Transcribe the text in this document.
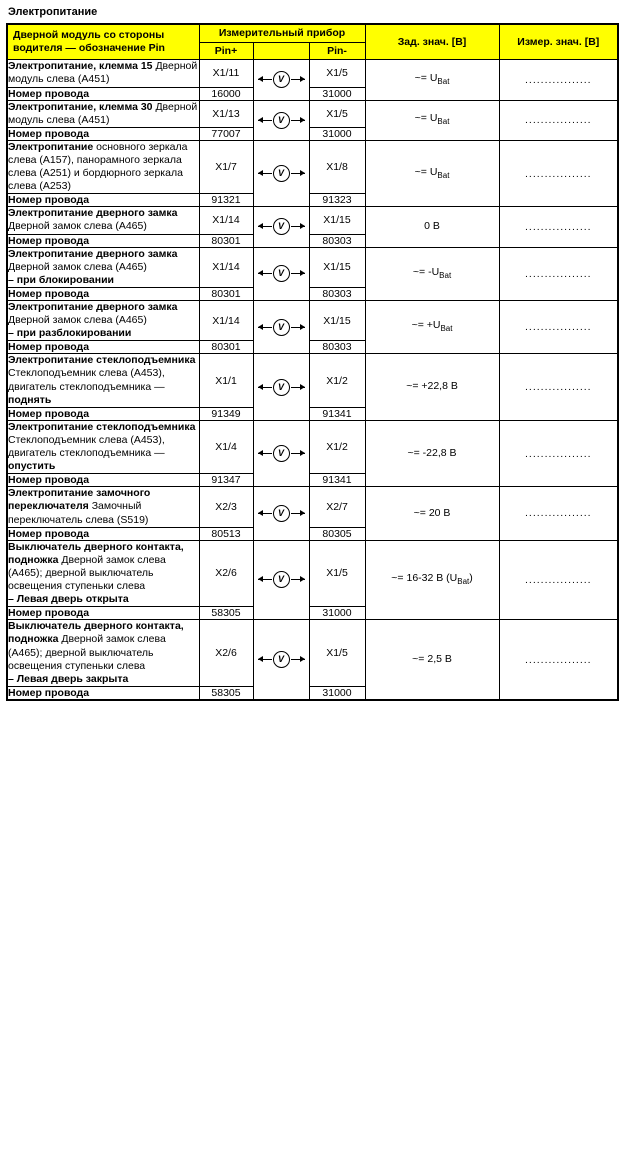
Электропитание
Дверной модуль со стороны водителя — обозначение Pin	Измерительный прибор			Зад. знач. [В]	Измер. знач. [В]
	Pin+		Pin-		
Электропитание, клемма 15 Дверной модуль слева (А451)	X1/11	V	X1/5	~= $U_{Bat}$	.................
Номер провода	16000		31000		
Электропитание, клемма 30 Дверной модуль слева (А451)	X1/13	V	X1/5	~= $U_{Bat}$	.................
Номер провода	77007		31000		
Электропитание основного зеркала слева (А157), панорамного зеркала слева (А251) и бордюрного зеркала слева (А253)	X1/7	V	X1/8	~= $U_{Bat}$	.................
Номер провода	91321		91323		
Электропитание дверного замка Дверной замок слева (А465)	X1/14	V	X1/15	0 В	.................
Номер провода	80301		80303		
Электропитание дверного замка Дверной замок слева (А465)
– при блокировании	X1/14	V	X1/15	~= $-U_{Bat}$	.................
Номер провода	80301		80303		
Электропитание дверного замка Дверной замок слева (А465)
– при разблокировании	X1/14	V	X1/15	~= $+U_{Bat}$	.................
Номер провода	80301		80303		
Электропитание стеклоподъемника Стеклоподъемник слева (А453), двигатель стеклоподъемника —
поднять	X1/1	V	X1/2	~= +22,8 В	.................
Номер провода	91349		91341		
Электропитание стеклоподъемника Стеклоподъемник слева (А453), двигатель стеклоподъемника —
опустить	X1/4	V	X1/2	~= -22,8 В	.................
Номер провода	91347		91341		
Электропитание замочного переключателя Замочный переключатель слева (S519)	X2/3	V	X2/7	~= 20 В	.................
Номер провода	80513		80305		
Выключатель дверного контакта, подножка Дверной замок слева (А465); дверной выключатель освещения ступеньки слева
– Левая дверь открыта	X2/6	V	X1/5	~= 16-32 В $(U_{Bat})$	.................
Номер провода	58305		31000		
Выключатель дверного контакта, подножка Дверной замок слева (А465); дверной выключатель освещения ступеньки слева
– Левая дверь закрыта	X2/6	V	X1/5	~= 2,5 В	.................
Номер провода	58305		31000		
